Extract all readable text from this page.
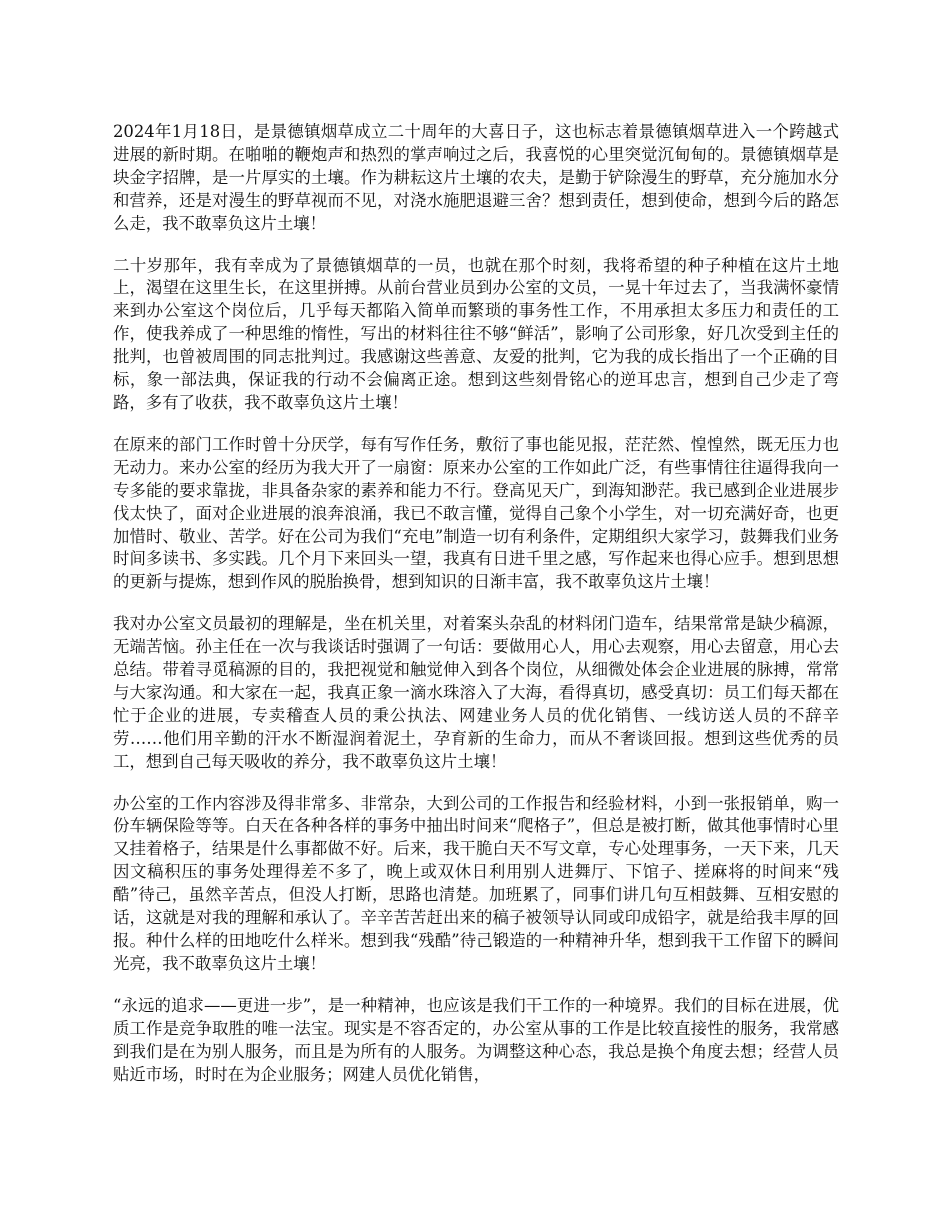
2024年1月18日，是景德镇烟草成立二十周年的大喜日子，这也标志着景德镇烟草进入一个跨越式进展的新时期。在啪啪的鞭炮声和热烈的掌声响过之后，我喜悦的心里突觉沉甸甸的。景德镇烟草是块金字招牌，是一片厚实的土壤。作为耕耘这片土壤的农夫，是勤于铲除漫生的野草，充分施加水分和营养，还是对漫生的野草视而不见，对浇水施肥退避三舍？想到责任，想到使命，想到今后的路怎么走，我不敢辜负这片土壤！

二十岁那年，我有幸成为了景德镇烟草的一员，也就在那个时刻，我将希望的种子种植在这片土地上，渴望在这里生长，在这里拼搏。从前台营业员到办公室的文员，一晃十年过去了，当我满怀豪情来到办公室这个岗位后，几乎每天都陷入简单而繁琐的事务性工作，不用承担太多压力和责任的工作，使我养成了一种思维的惰性，写出的材料往往不够“鲜活”，影响了公司形象，好几次受到主任的批判，也曾被周围的同志批判过。我感谢这些善意、友爱的批判，它为我的成长指出了一个正确的目标，象一部法典，保证我的行动不会偏离正途。想到这些刻骨铭心的逆耳忠言，想到自己少走了弯路，多有了收获，我不敢辜负这片土壤！

在原来的部门工作时曾十分厌学，每有写作任务，敷衍了事也能见报，茫茫然、惶惶然，既无压力也无动力。来办公室的经历为我大开了一扇窗：原来办公室的工作如此广泛，有些事情往往逼得我向一专多能的要求靠拢，非具备杂家的素养和能力不行。登高见天广，到海知渺茫。我已感到企业进展步伐太快了，面对企业进展的浪奔浪涌，我已不敢言懂，觉得自己象个小学生，对一切充满好奇，也更加惜时、敬业、苦学。好在公司为我们“充电”制造一切有利条件，定期组织大家学习，鼓舞我们业务时间多读书、多实践。几个月下来回头一望，我真有日进千里之感，写作起来也得心应手。想到思想的更新与提炼，想到作风的脱胎换骨，想到知识的日渐丰富，我不敢辜负这片土壤！

我对办公室文员最初的理解是，坐在机关里，对着案头杂乱的材料闭门造车，结果常常是缺少稿源，无端苦恼。孙主任在一次与我谈话时强调了一句话：要做用心人，用心去观察，用心去留意，用心去总结。带着寻觅稿源的目的，我把视觉和触觉伸入到各个岗位，从细微处体会企业进展的脉搏，常常与大家沟通。和大家在一起，我真正象一滴水珠溶入了大海，看得真切，感受真切：员工们每天都在忙于企业的进展，专卖稽查人员的秉公执法、网建业务人员的优化销售、一线访送人员的不辞辛劳……他们用辛勤的汗水不断湿润着泥土，孕育新的生命力，而从不奢谈回报。想到这些优秀的员工，想到自己每天吸收的养分，我不敢辜负这片土壤！

办公室的工作内容涉及得非常多、非常杂，大到公司的工作报告和经验材料，小到一张报销单，购一份车辆保险等等。白天在各种各样的事务中抽出时间来“爬格子”，但总是被打断，做其他事情时心里又挂着格子，结果是什么事都做不好。后来，我干脆白天不写文章，专心处理事务，一天下来，几天因文稿积压的事务处理得差不多了，晚上或双休日利用别人进舞厅、下馆子、搓麻将的时间来“残酷”待己，虽然辛苦点，但没人打断，思路也清楚。加班累了，同事们讲几句互相鼓舞、互相安慰的话，这就是对我的理解和承认了。辛辛苦苦赶出来的稿子被领导认同或印成铅字，就是给我丰厚的回报。种什么样的田地吃什么样米。想到我“残酷”待己锻造的一种精神升华，想到我干工作留下的瞬间光亮，我不敢辜负这片土壤！

“永远的追求——更进一步”，是一种精神，也应该是我们干工作的一种境界。我们的目标在进展，优质工作是竞争取胜的唯一法宝。现实是不容否定的，办公室从事的工作是比较直接性的服务，我常感到我们是在为别人服务，而且是为所有的人服务。为调整这种心态，我总是换个角度去想；经营人员贴近市场，时时在为企业服务；网建人员优化销售，
